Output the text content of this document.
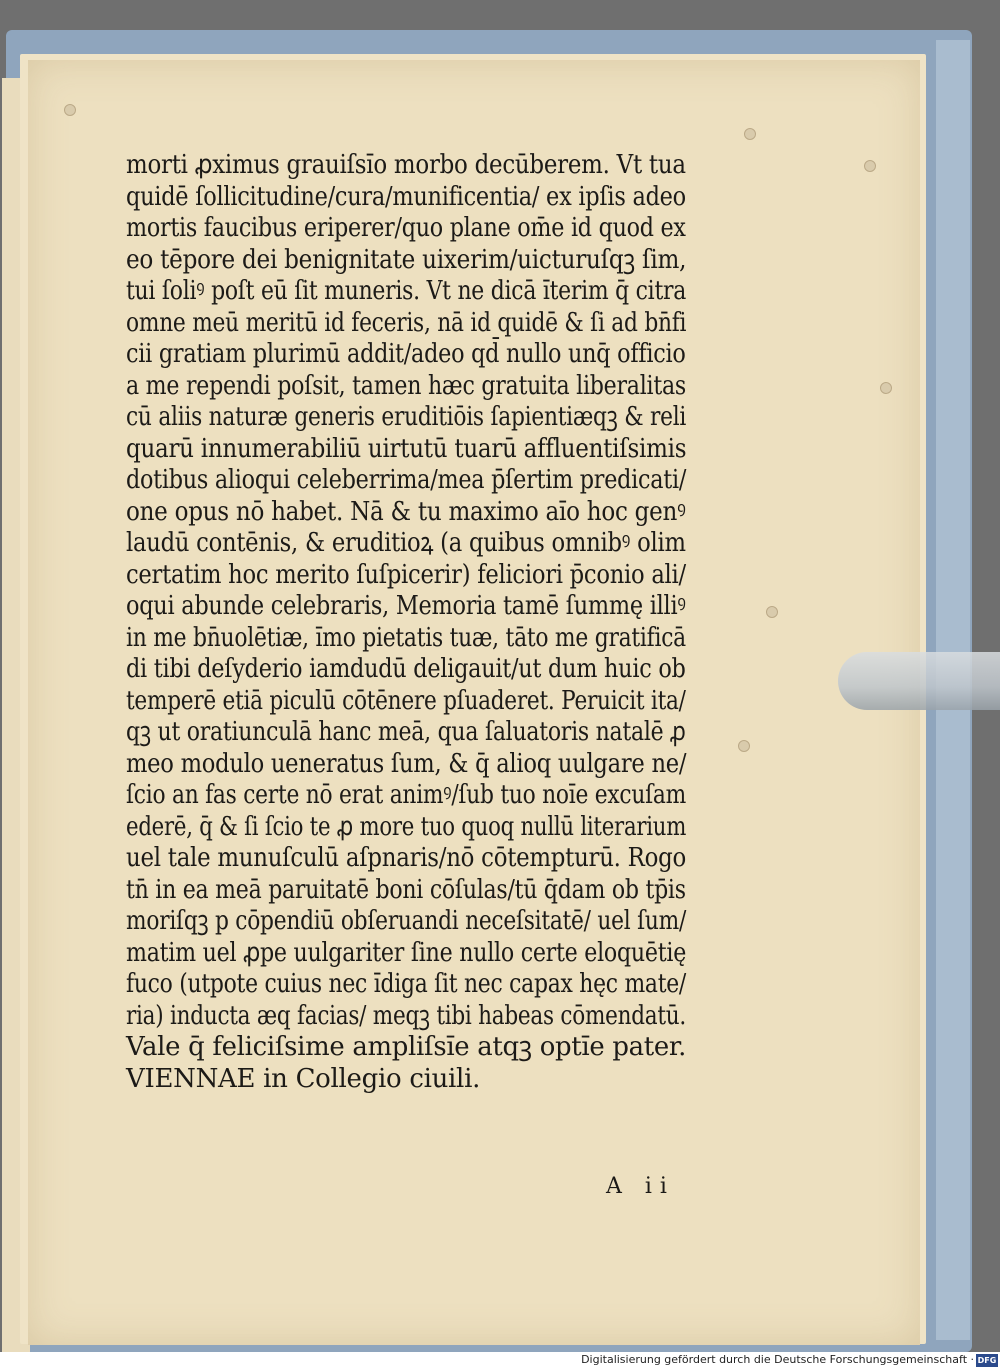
morti ꝓximus grauiſsı̄o morbo decūberem. Vt tua
quidē ſollicitudine/cura/munificentia/ ex ipſis adeo
mortis faucibus eriperer/quo plane om̄e id quod ex
eo tēpore dei benignitate uixerim/uicturuſqꝫ ſim,
tui ſoliꝰ poſt eū ſit muneris. Vt ne dicā ı̄terim q̄ citra
omne meū meritū id feceris, nā id quidē & ſi ad bn̄fi
cii gratiam plurimū addit/adeo qd̄ nullo unq̄ officio
a me rependi poſsit, tamen hæc gratuita liberalitas
cū aliis naturæ generis eruditiōis ſapientiæqꝫ & reli
quarū innumerabiliū uirtutū tuarū affluentiſsimis
dotibus alioqui celeberrima/mea p̄ſertim predicati/
one opus nō habet. Nā & tu maximo aı̄o hoc genꝰ
laudū contēnis, & eruditioꝝ (a quibus omnibꝰ olim
certatim hoc merito ſuſpicerir) feliciori p̄conio ali/
oqui abunde celebraris, Memoria tamē ſummę illiꝰ
in me bn̄uolētiæ, ı̄mo pietatis tuæ, tāto me gratificā
di tibi deſyderio iamdudū deligauit/ut dum huic ob
temperē etiā piculū cōtēnere pſuaderet. Peruicit ita/
qꝫ ut oratiunculā hanc meā, qua ſaluatoris natalē ꝓ
meo modulo ueneratus ſum, & q̄ alioq uulgare ne/
ſcio an fas certe nō erat animꝰ/ſub tuo noı̄e excuſam
ederē, q̄ & ſi ſcio te ꝓ more tuo quoq nullū literarium
uel tale munuſculū aſpnaris/nō cōtempturū. Rogo
tn̄ in ea meā paruitatē boni cōſulas/tū q̄dam ob tp̄is
moriſqꝫ p cōpendiū obſeruandi neceſsitatē/ uel ſum/
matim uel ꝓpe uulgariter ſine nullo certe eloquētię
fuco (utpote cuius nec ı̄diga ſit nec capax hęc mate/
ria) inducta æq facias/ meqꝫ tibi habeas cōmendatū.
Vale q̄ feliciſsime ampliſsı̄e atqꝫ optı̄e pater.
VIENNAE in Collegio ciuili.
A ii
Digitalisierung gefördert durch die Deutsche Forschungsgemeinschaft · DFG
